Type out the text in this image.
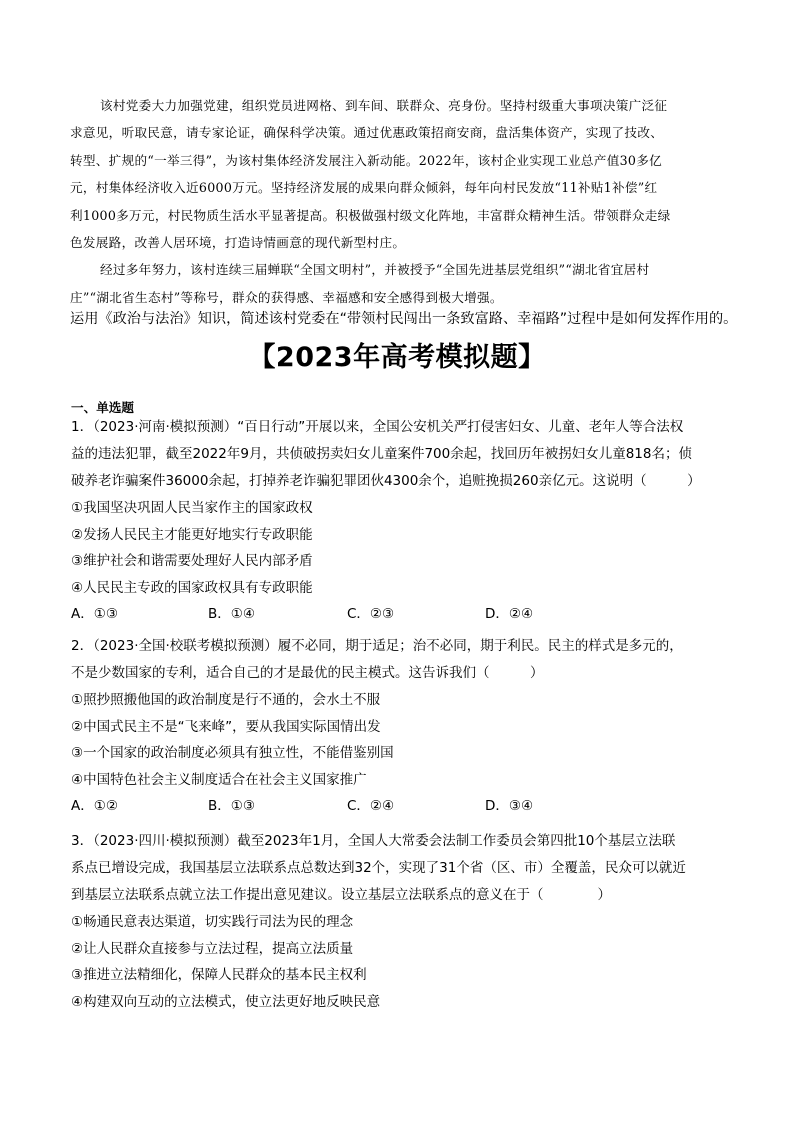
该村党委大力加强党建，组织党员进网格、到车间、联群众、亮身份。坚持村级重大事项决策广泛征
求意见，听取民意，请专家论证，确保科学决策。通过优惠政策招商安商，盘活集体资产，实现了技改、
转型、扩规的“一举三得”，为该村集体经济发展注入新动能。2022年，该村企业实现工业总产值30多亿
元，村集体经济收入近6000万元。坚持经济发展的成果向群众倾斜，每年向村民发放“11补贴1补偿”红
利1000多万元，村民物质生活水平显著提高。积极做强村级文化阵地，丰富群众精神生活。带领群众走绿
色发展路，改善人居环境，打造诗情画意的现代新型村庄。
经过多年努力，该村连续三届蝉联“全国文明村”，并被授予“全国先进基层党组织”“湖北省宜居村
庄”“湖北省生态村”等称号，群众的获得感、幸福感和安全感得到极大增强。
运用《政治与法治》知识，简述该村党委在“带领村民闯出一条致富路、幸福路”过程中是如何发挥作用的。
【2023年高考模拟题】
一、单选题
1．（2023·河南·模拟预测）“百日行动”开展以来，全国公安机关严打侵害妇女、儿童、老年人等合法权
益的违法犯罪，截至2022年9月，共侦破拐卖妇女儿童案件700余起，找回历年被拐妇女儿童818名；侦
破养老诈骗案件36000余起，打掉养老诈骗犯罪团伙4300余个，追赃挽损260亲亿元。这说明（　　　）
①我国坚决巩固人民当家作主的国家政权
②发扬人民民主才能更好地实行专政职能
③维护社会和谐需要处理好人民内部矛盾
④人民民主专政的国家政权具有专政职能
A．①③	B．①④	C．②③	D．②④
2．（2023·全国·校联考模拟预测）履不必同，期于适足；治不必同，期于利民。民主的样式是多元的，
不是少数国家的专利，适合自己的才是最优的民主模式。这告诉我们（　　　）
①照抄照搬他国的政治制度是行不通的，会水土不服
②中国式民主不是“飞来峰”，要从我国实际国情出发
③一个国家的政治制度必须具有独立性，不能借鉴别国
④中国特色社会主义制度适合在社会主义国家推广
A．①②	B．①③	C．②④	D．③④
3．（2023·四川·模拟预测）截至2023年1月，全国人大常委会法制工作委员会第四批10个基层立法联
系点已增设完成，我国基层立法联系点总数达到32个，实现了31个省（区、市）全覆盖，民众可以就近
到基层立法联系点就立法工作提出意见建议。设立基层立法联系点的意义在于（　　　　）
①畅通民意表达渠道，切实践行司法为民的理念
②让人民群众直接参与立法过程，提高立法质量
③推进立法精细化，保障人民群众的基本民主权利
④构建双向互动的立法模式，使立法更好地反映民意
